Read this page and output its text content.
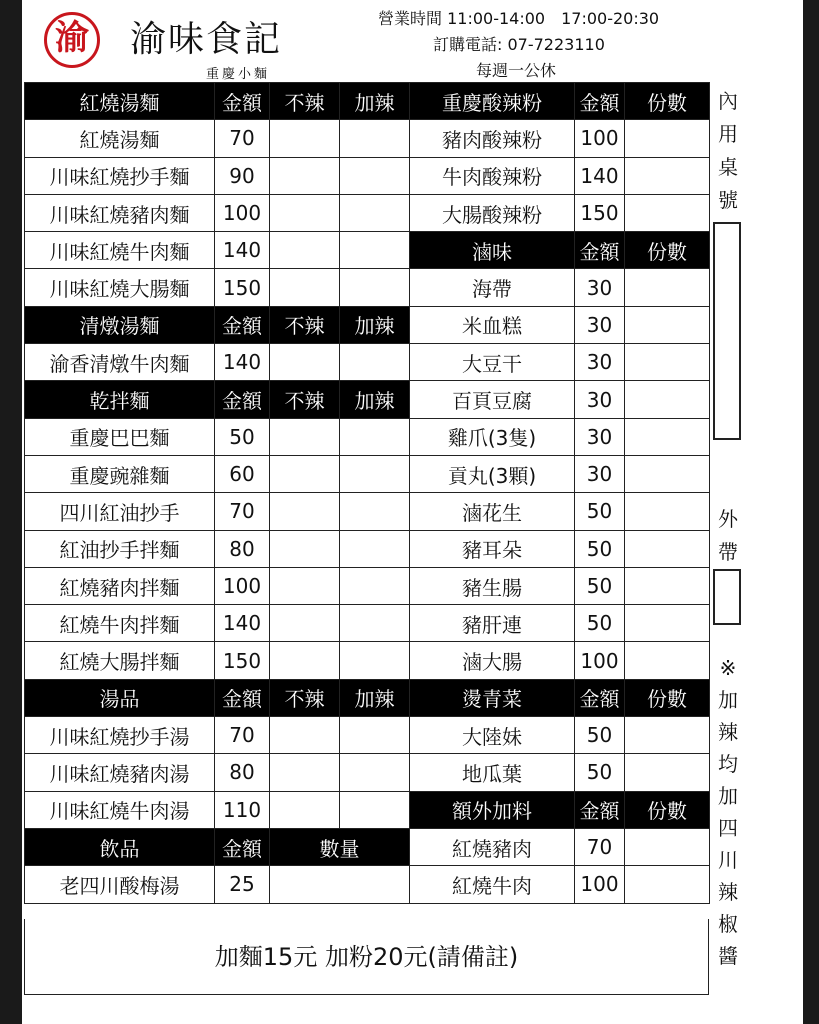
渝	渝味食記
重慶小麵
營業時間 11:00-14:00　17:00-20:30
訂購電話: 07-7223110
每週一公休
紅燒湯麵	金額	不辣	加辣	重慶酸辣粉	金額	份數
紅燒湯麵	70			豬肉酸辣粉	100	
川味紅燒抄手麵	90			牛肉酸辣粉	140	
川味紅燒豬肉麵	100			大腸酸辣粉	150	
川味紅燒牛肉麵	140			滷味	金額	份數
川味紅燒大腸麵	150			海帶	30	
清燉湯麵	金額	不辣	加辣	米血糕	30	
渝香清燉牛肉麵	140			大豆干	30	
乾拌麵	金額	不辣	加辣	百頁豆腐	30	
重慶巴巴麵	50			雞爪(3隻)	30	
重慶豌雜麵	60			貢丸(3顆)	30	
四川紅油抄手	70			滷花生	50	
紅油抄手拌麵	80			豬耳朵	50	
紅燒豬肉拌麵	100			豬生腸	50	
紅燒牛肉拌麵	140			豬肝連	50	
紅燒大腸拌麵	150			滷大腸	100	
湯品	金額	不辣	加辣	燙青菜	金額	份數
川味紅燒抄手湯	70			大陸妹	50	
川味紅燒豬肉湯	80			地瓜葉	50	
川味紅燒牛肉湯	110			額外加料	金額	份數
飲品	金額	數量		紅燒豬肉	70	
老四川酸梅湯	25			紅燒牛肉	100	
加麵15元 加粉20元(請備註)
內用桌號
外帶
※加辣均加四川辣椒醬
